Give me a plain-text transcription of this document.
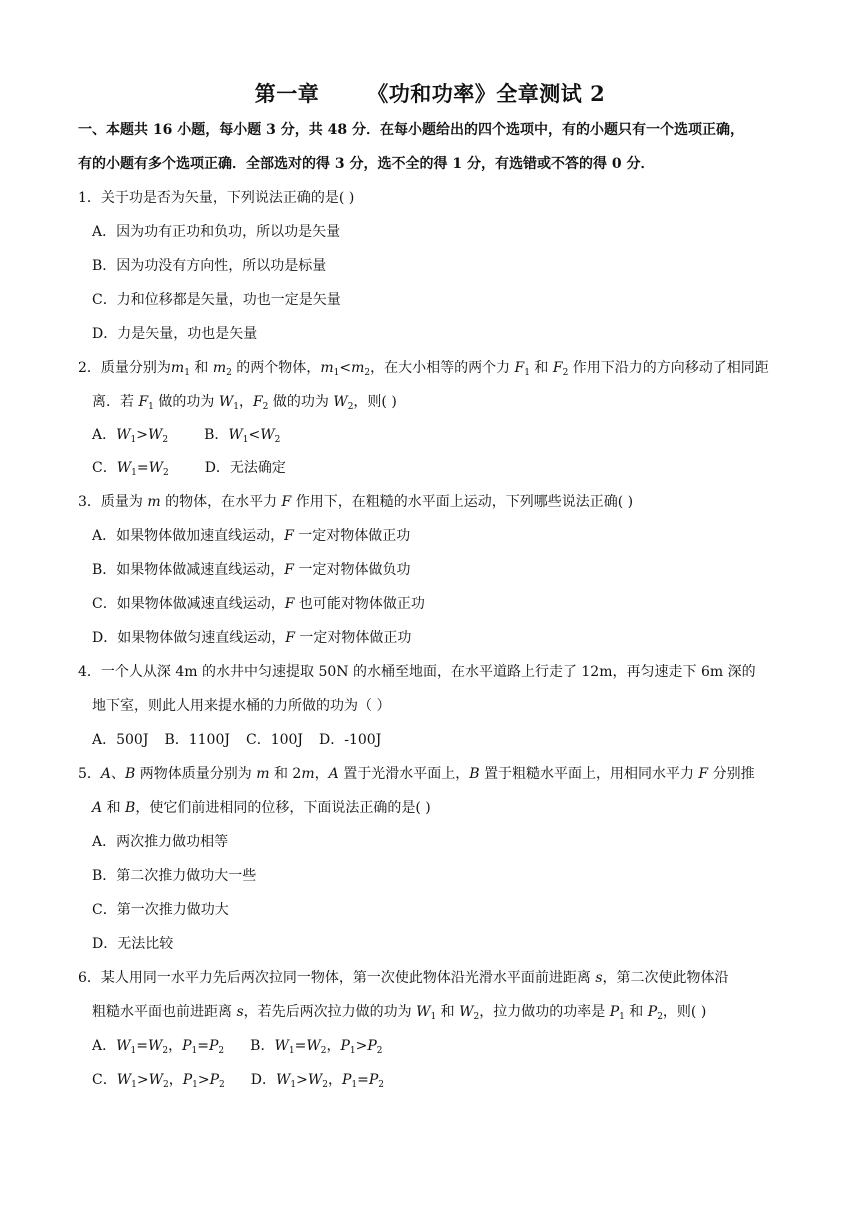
第一章 《功和功率》全章测试 2
一、本题共 16 小题，每小题 3 分，共 48 分．在每小题给出的四个选项中，有的小题只有一个选项正确，
有的小题有多个选项正确．全部选对的得 3 分，选不全的得 1 分，有选错或不答的得 0 分．
1．关于功是否为矢量，下列说法正确的是( )
A．因为功有正功和负功，所以功是矢量
B．因为功没有方向性，所以功是标量
C．力和位移都是矢量，功也一定是矢量
D．力是矢量，功也是矢量
2．质量分别为$m_1$ 和 $m_2$ 的两个物体，$m_1<m_2$，在大小相等的两个力 $F_1$ 和 $F_2$ 作用下沿力的方向移动了相同距
离．若 $F_1$ 做的功为 $W_1$，$F_2$ 做的功为 $W_2$，则( )
A．$W_1>W_2$	B．$W_1<W_2$
C．$W_1=W_2$	D．无法确定
3．质量为 m 的物体，在水平力 F 作用下，在粗糙的水平面上运动，下列哪些说法正确( )
A．如果物体做加速直线运动，F 一定对物体做正功
B．如果物体做减速直线运动，F 一定对物体做负功
C．如果物体做减速直线运动，F 也可能对物体做正功
D．如果物体做匀速直线运动，F 一定对物体做正功
4．一个人从深 4m 的水井中匀速提取 50N 的水桶至地面，在水平道路上行走了 12m，再匀速走下 6m 深的
地下室，则此人用来提水桶的力所做的功为（ ）
A．500J B．1100J C．100J D．-100J
5．A、B 两物体质量分别为 m 和 2m，A 置于光滑水平面上，B 置于粗糙水平面上，用相同水平力 F 分别推
A 和 B，使它们前进相同的位移，下面说法正确的是( )
A．两次推力做功相等
B．第二次推力做功大一些
C．第一次推力做功大
D．无法比较
6．某人用同一水平力先后两次拉同一物体，第一次使此物体沿光滑水平面前进距离 s，第二次使此物体沿
粗糙水平面也前进距离 s，若先后两次拉力做的功为 $W_1$ 和 $W_2$，拉力做功的功率是 $P_1$ 和 $P_2$，则( )
A．$W_1=W_2$，$P_1=P_2$ B．$W_1=W_2$，$P_1>P_2$
C．$W_1>W_2$，$P_1>P_2$ D．$W_1>W_2$，$P_1=P_2$
